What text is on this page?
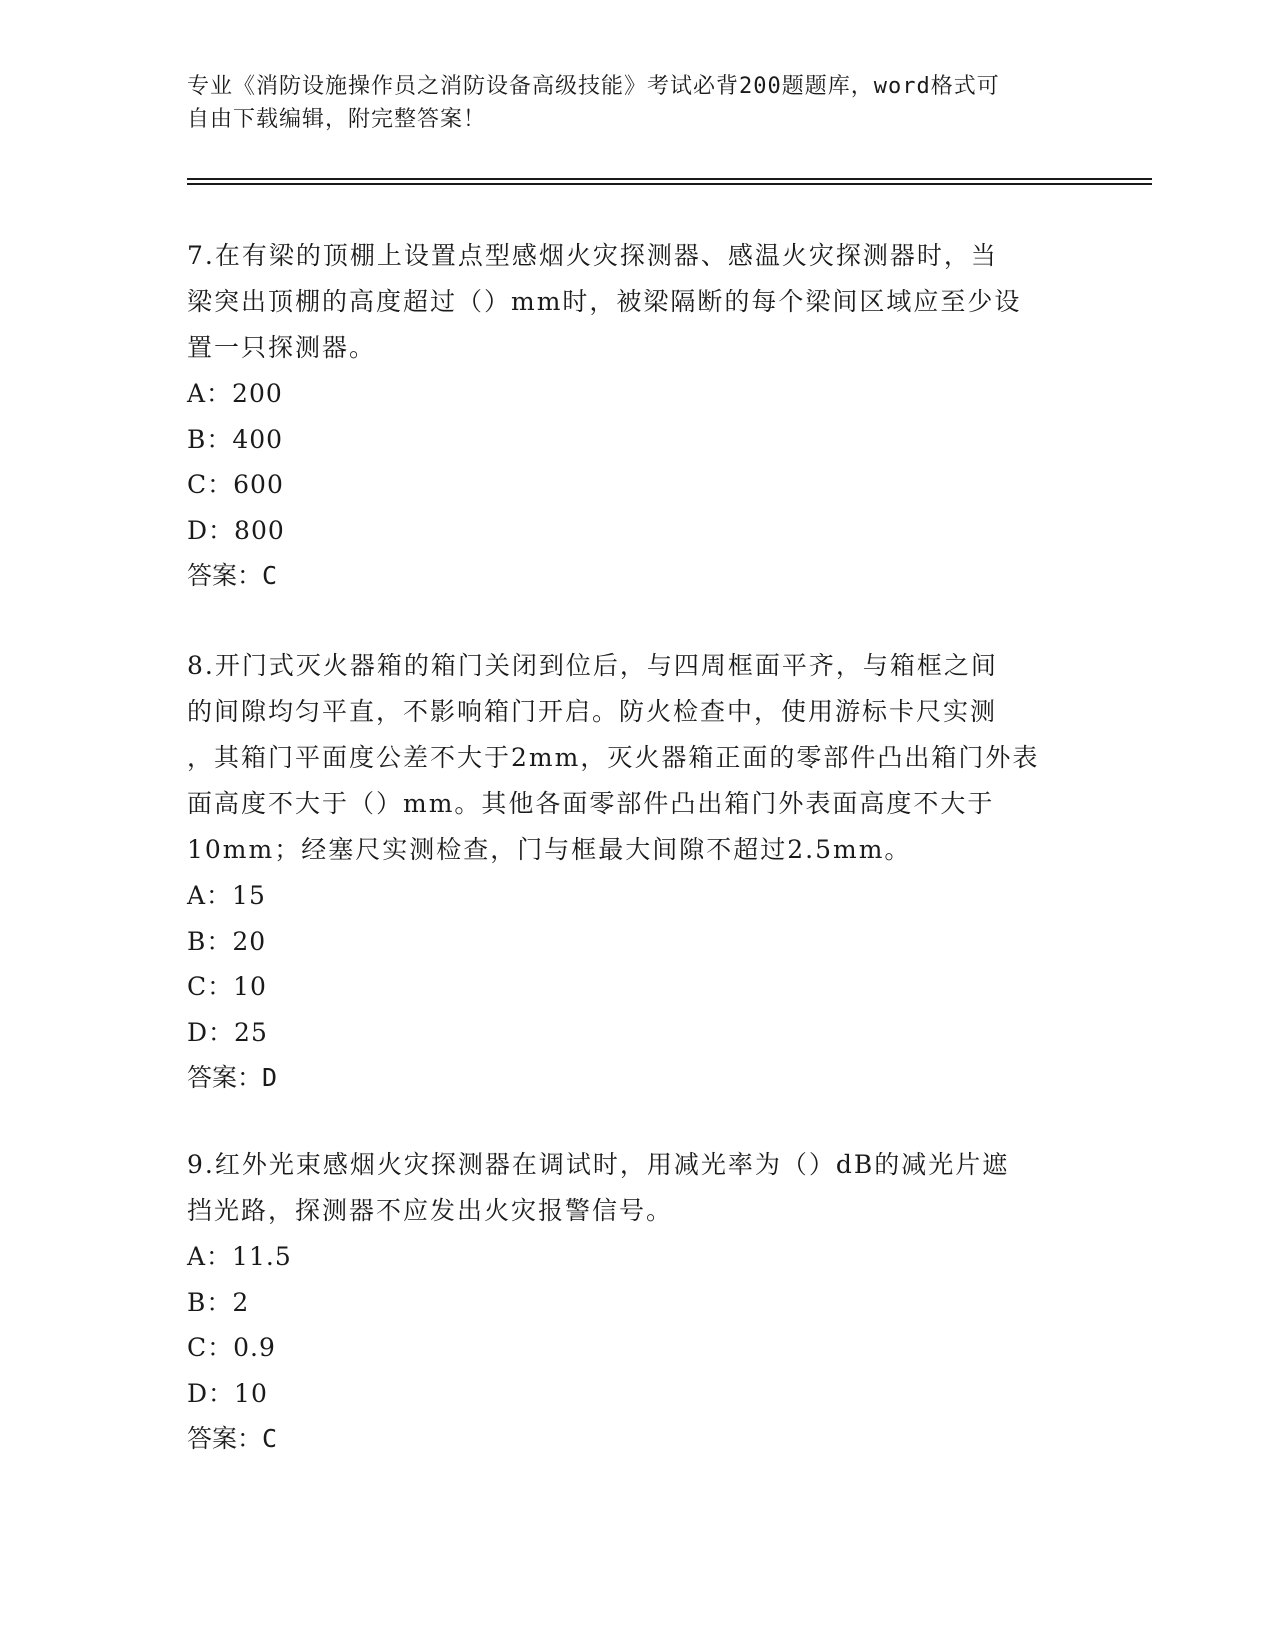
专业《消防设施操作员之消防设备高级技能》考试必背200题题库，word格式可
自由下载编辑，附完整答案！
7.在有梁的顶棚上设置点型感烟火灾探测器、感温火灾探测器时，当
梁突出顶棚的高度超过（）mm时，被梁隔断的每个梁间区域应至少设
置一只探测器。
A：200
B：400
C：600
D：800
答案：C
8.开门式灭火器箱的箱门关闭到位后，与四周框面平齐，与箱框之间
的间隙均匀平直，不影响箱门开启。防火检查中，使用游标卡尺实测
，其箱门平面度公差不大于2mm，灭火器箱正面的零部件凸出箱门外表
面高度不大于（）mm。其他各面零部件凸出箱门外表面高度不大于
10mm；经塞尺实测检查，门与框最大间隙不超过2.5mm。
A：15
B：20
C：10
D：25
答案：D
9.红外光束感烟火灾探测器在调试时，用减光率为（）dB的减光片遮
挡光路，探测器不应发出火灾报警信号。
A：11.5
B：2
C：0.9
D：10
答案：C
